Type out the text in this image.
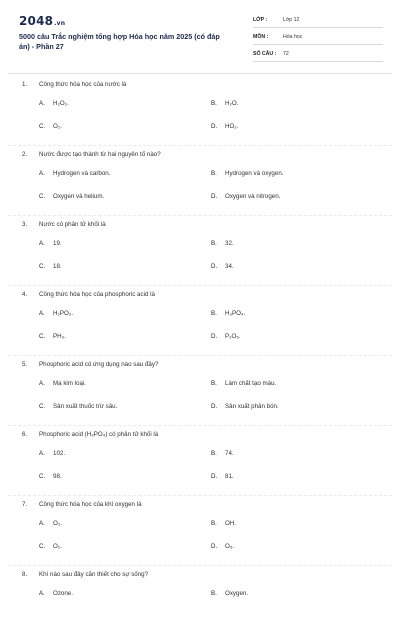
2048.vn
5000 câu Trắc nghiệm tổng hợp Hóa học năm 2025 (có đáp án) - Phần 27
LỚP :	Lớp 12
MÔN :	Hóa học
SỐ CÂU : 72
1. Công thức hóa học của nước là
A. H₂O₂.	B. H₂O.
C. O₂.	D. HO₂.
2. Nước được tạo thành từ hai nguyên tố nào?
A. Hydrogen và carbon.	B. Hydrogen và oxygen.
C. Oxygen và helium.	D. Oxygen và nitrogen.
3. Nước có phân tử khối là
A. 19.	B. 32.
C. 18.	D. 34.
4. Công thức hóa học của phosphoric acid là
A. H₂PO₃.	B. H₃PO₄.
C. PH₃.	D. P₂O₅.
5. Phosphoric acid có ứng dụng nào sau đây?
A. Mạ kim loại.	B. Làm chất tạo màu.
C. Sản xuất thuốc trừ sâu.	D. Sản xuất phân bón.
6. Phosphoric acid (H₃PO₄) có phân tử khối là
A. 102.	B. 74.
C. 98.	D. 81.
7. Công thức hóa học của khí oxygen là
A. O₃.	B. OH.
C. O₂.	D. O₅.
8. Khí nào sau đây cần thiết cho sự sống?
A. Ozone.	B. Oxygen.
